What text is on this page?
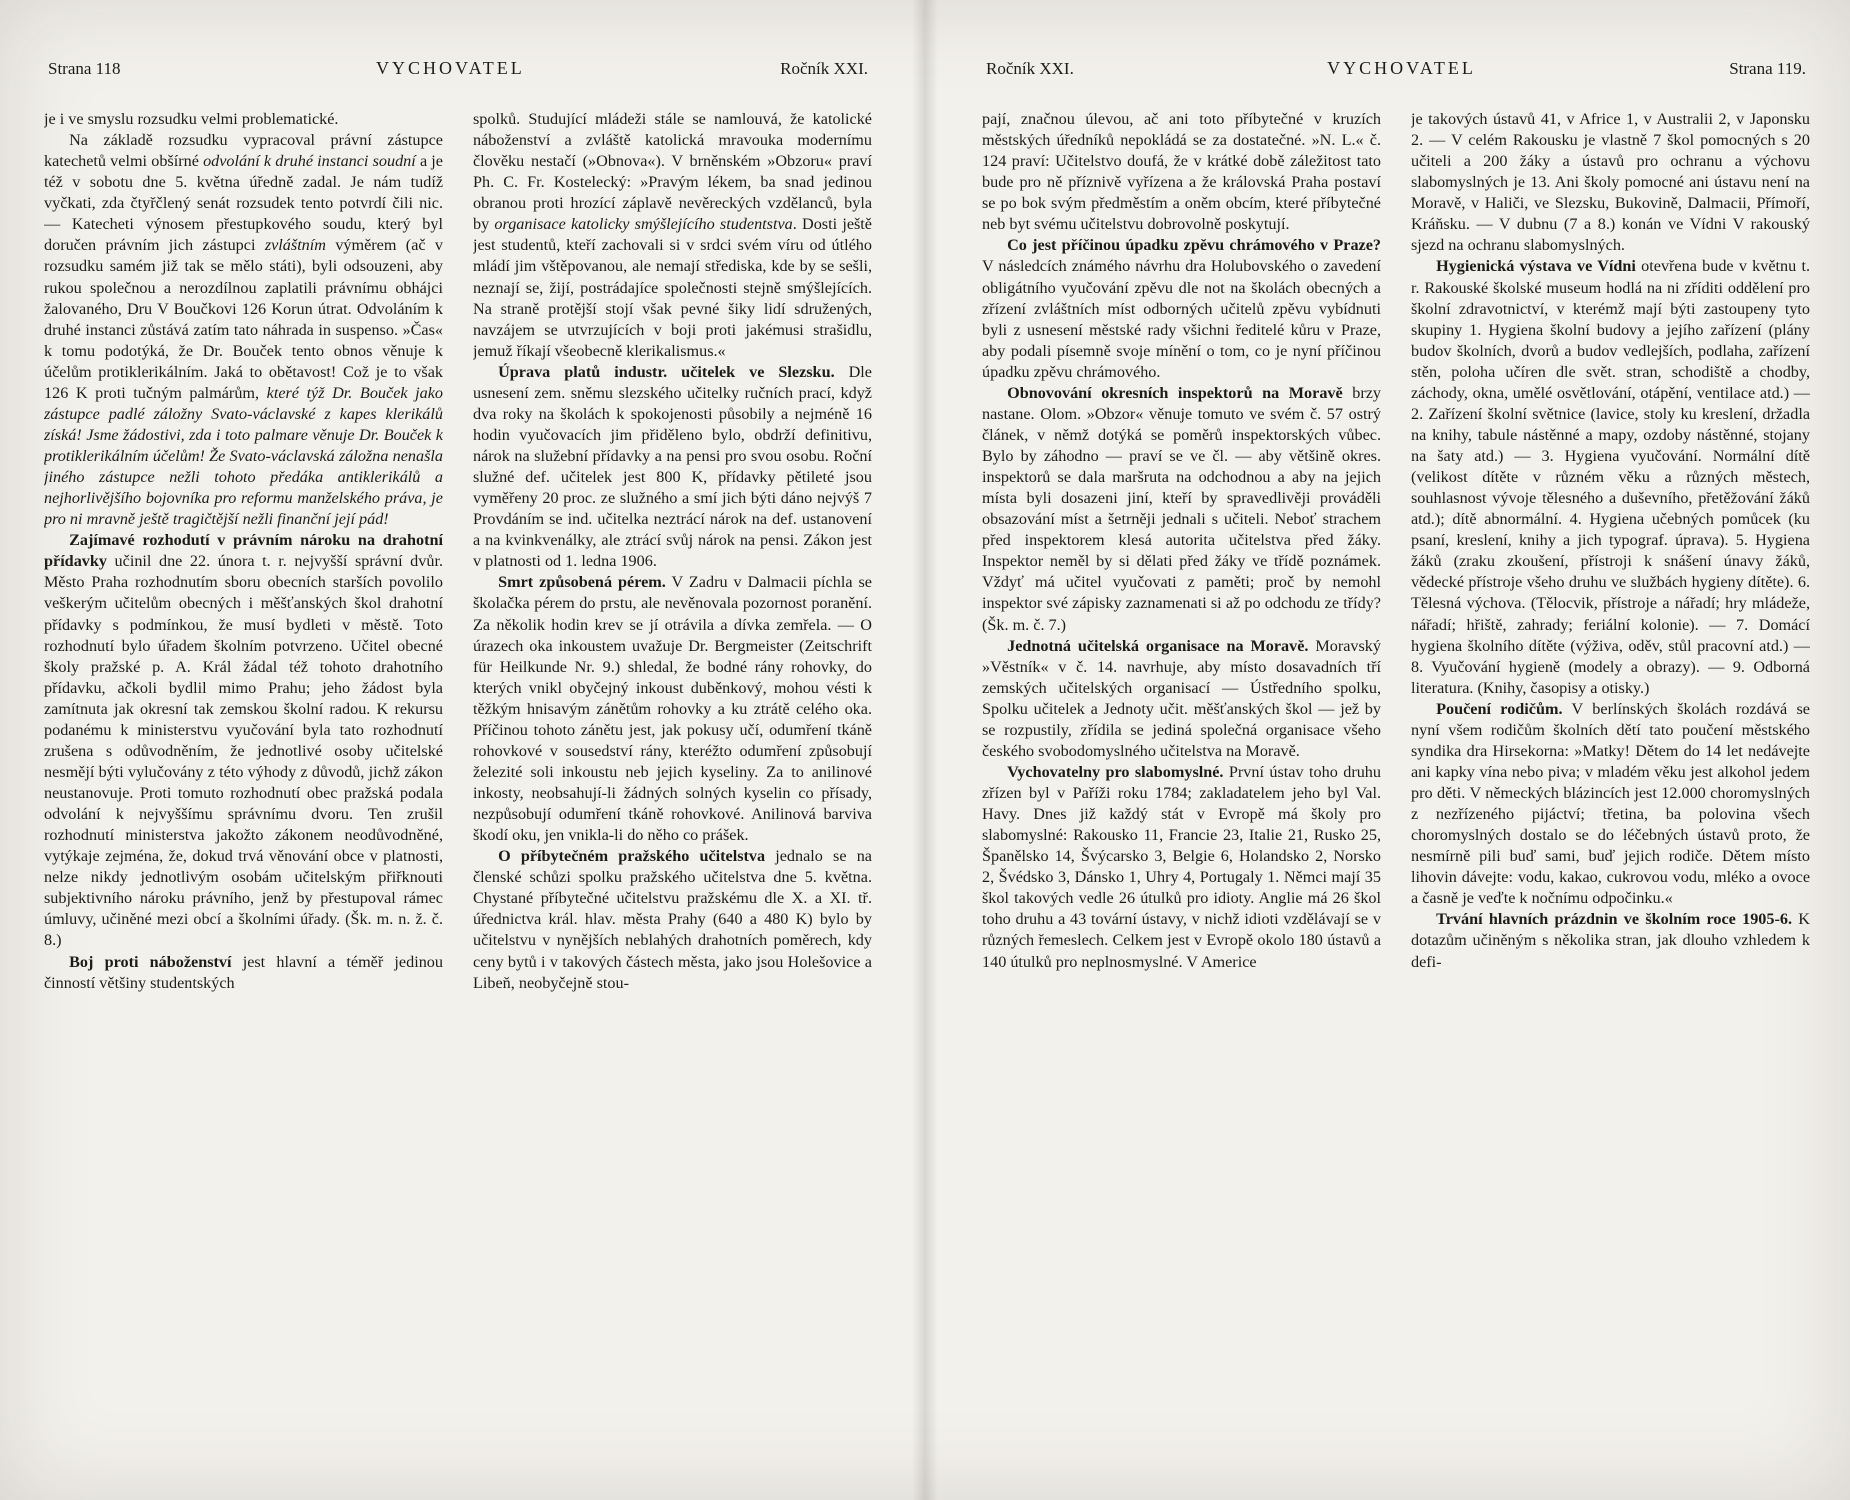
Strana 118	VYCHOVATEL	Ročník XXI.

je i ve smyslu rozsudku velmi problematické.

Na základě rozsudku vypracoval právní zástupce katechetů velmi obšírné odvolání k druhé instanci soudní a je též v sobotu dne 5. května úředně zadal. Je nám tudíž vyčkati, zda čtyřčlený senát rozsudek tento potvrdí čili nic. — Katecheti výnosem přestupkového soudu, který byl doručen právním jich zástupci zvláštním výměrem (ač v rozsudku samém již tak se mělo státi), byli odsouzeni, aby rukou společnou a nerozdílnou zaplatili právnímu obhájci žalovaného, Dru V Boučkovi 126 Korun útrat. Odvoláním k druhé instanci zůstává zatím tato náhrada in suspenso. »Čas« k tomu podotýká, že Dr. Bouček tento obnos věnuje k účelům protiklerikálním. Jaká to obětavost! Což je to však 126 K proti tučným palmárům, které týž Dr. Bouček jako zástupce padlé záložny Svato-václavské z kapes klerikálů získá! Jsme žádostivi, zda i toto palmare věnuje Dr. Bouček k protiklerikálním účelům! Že Svato-václavská záložna nenašla jiného zástupce nežli tohoto předáka antiklerikálů a nejhorlivějšího bojovníka pro reformu manželského práva, je pro ni mravně ještě tragičtější nežli finanční její pád!

Zajímavé rozhodutí v právním nároku na drahotní přídavky učinil dne 22. února t. r. nejvyšší správní dvůr. Město Praha rozhodnutím sboru obecních starších povolilo veškerým učitelům obecných i měšťanských škol drahotní přídavky s podmínkou, že musí bydleti v městě. Toto rozhodnutí bylo úřadem školním potvrzeno. Učitel obecné školy pražské p. A. Král žádal též tohoto drahotního přídavku, ačkoli bydlil mimo Prahu; jeho žádost byla zamítnuta jak okresní tak zemskou školní radou. K rekursu podanému k ministerstvu vyučování byla tato rozhodnutí zrušena s odůvodněním, že jednotlivé osoby učitelské nesmějí býti vylučovány z této výhody z důvodů, jichž zákon neustanovuje. Proti tomuto rozhodnutí obec pražská podala odvolání k nejvyššímu správnímu dvoru. Ten zrušil rozhodnutí ministerstva jakožto zákonem neodůvodněné, vytýkaje zejména, že, dokud trvá věnování obce v platnosti, nelze nikdy jednotlivým osobám učitelským přiřknouti subjektivního nároku právního, jenž by přestupoval rámec úmluvy, učiněné mezi obcí a školními úřady. (Šk. m. n. ž. č. 8.)

Boj proti náboženství jest hlavní a téměř jedinou činností většiny studentských

spolků. Studující mládeži stále se namlouvá, že katolické náboženství a zvláště katolická mravouka modernímu člověku nestačí (»Obnova«). V brněnském »Obzoru« praví Ph. C. Fr. Kostelecký: »Pravým lékem, ba snad jedinou obranou proti hrozící záplavě nevěreckých vzdělanců, byla by organisace katolicky smýšlejícího studentstva. Dosti ještě jest studentů, kteří zachovali si v srdci svém víru od útlého mládí jim vštěpovanou, ale nemají střediska, kde by se sešli, neznají se, žijí, postrádajíce společnosti stejně smýšlejících. Na straně protější stojí však pevné šiky lidí sdružených, navzájem se utvrzujících v boji proti jakémusi strašidlu, jemuž říkají všeobecně klerikalismus.«

Úprava platů industr. učitelek ve Slezsku. Dle usnesení zem. sněmu slezského učitelky ručních prací, když dva roky na školách k spokojenosti působily a nejméně 16 hodin vyučovacích jim přiděleno bylo, obdrží definitivu, nárok na služební přídavky a na pensi pro svou osobu. Roční služné def. učitelek jest 800 K, přídavky pětileté jsou vyměřeny 20 proc. ze služného a smí jich býti dáno nejvýš 7 Provdáním se ind. učitelka neztrácí nárok na def. ustanovení a na kvinkvenálky, ale ztrácí svůj nárok na pensi. Zákon jest v platnosti od 1. ledna 1906.

Smrt způsobená pérem. V Zadru v Dalmacii píchla se školačka pérem do prstu, ale nevěnovala pozornost poranění. Za několik hodin krev se jí otrávila a dívka zemřela. — O úrazech oka inkoustem uvažuje Dr. Bergmeister (Zeitschrift für Heilkunde Nr. 9.) shledal, že bodné rány rohovky, do kterých vnikl obyčejný inkoust duběnkový, mohou vésti k těžkým hnisavým zánětům rohovky a ku ztrátě celého oka. Příčinou tohoto zánětu jest, jak pokusy učí, odumření tkáně rohovkové v sousedství rány, kteréžto odumření způsobují železité soli inkoustu neb jejich kyseliny. Za to anilinové inkosty, neobsahují-li žádných solných kyselin co přísady, nezpůsobují odumření tkáně rohovkové. Anilinová barviva škodí oku, jen vnikla-li do něho co prášek.

O příbytečném pražského učitelstva jednalo se na členské schůzi spolku pražského učitelstva dne 5. května. Chystané příbytečné učitelstvu pražskému dle X. a XI. tř. úřednictva král. hlav. města Prahy (640 a 480 K) bylo by učitelstvu v nynějších neblahých drahotních poměrech, kdy ceny bytů i v takových částech města, jako jsou Holešovice a Libeň, neobyčejně stou-

Ročník XXI.	VYCHOVATEL	Strana 119.

pají, značnou úlevou, ač ani toto příbytečné v kruzích městských úředníků nepokládá se za dostatečné. »N. L.« č. 124 praví: Učitelstvo doufá, že v krátké době záležitost tato bude pro ně příznivě vyřízena a že královská Praha postaví se po bok svým předměstím a oněm obcím, které příbytečné neb byt svému učitelstvu dobrovolně poskytují.

Co jest příčinou úpadku zpěvu chrámového v Praze? V následcích známého návrhu dra Holubovského o zavedení obligátního vyučování zpěvu dle not na školách obecných a zřízení zvláštních míst odborných učitelů zpěvu vybídnuti byli z usnesení městské rady všichni ředitelé kůru v Praze, aby podali písemně svoje mínění o tom, co je nyní příčinou úpadku zpěvu chrámového.

Obnovování okresních inspektorů na Moravě brzy nastane. Olom. »Obzor« věnuje tomuto ve svém č. 57 ostrý článek, v němž dotýká se poměrů inspektorských vůbec. Bylo by záhodno — praví se ve čl. — aby většině okres. inspektorů se dala maršruta na odchodnou a aby na jejich místa byli dosazeni jiní, kteří by spravedlivěji prováděli obsazování míst a šetrněji jednali s učiteli. Neboť strachem před inspektorem klesá autorita učitelstva před žáky. Inspektor neměl by si dělati před žáky ve třídě poznámek. Vždyť má učitel vyučovati z paměti; proč by nemohl inspektor své zápisky zaznamenati si až po odchodu ze třídy? (Šk. m. č. 7.)

Jednotná učitelská organisace na Moravě. Moravský »Věstník« v č. 14. navrhuje, aby místo dosavadních tří zemských učitelských organisací — Ústředního spolku, Spolku učitelek a Jednoty učit. měšťanských škol — jež by se rozpustily, zřídila se jediná společná organisace všeho českého svobodomyslného učitelstva na Moravě.

Vychovatelny pro slabomyslné. První ústav toho druhu zřízen byl v Paříži roku 1784; zakladatelem jeho byl Val. Havy. Dnes již každý stát v Evropě má školy pro slabomyslné: Rakousko 11, Francie 23, Italie 21, Rusko 25, Španělsko 14, Švýcarsko 3, Belgie 6, Holandsko 2, Norsko 2, Švédsko 3, Dánsko 1, Uhry 4, Portugaly 1. Němci mají 35 škol takových vedle 26 útulků pro idioty. Anglie má 26 škol toho druhu a 43 tovární ústavy, v nichž idioti vzdělávají se v různých řemeslech. Celkem jest v Evropě okolo 180 ústavů a 140 útulků pro neplnosmyslné. V Americe

je takových ústavů 41, v Africe 1, v Australii 2, v Japonsku 2. — V celém Rakousku je vlastně 7 škol pomocných s 20 učiteli a 200 žáky a ústavů pro ochranu a výchovu slabomyslných je 13. Ani školy pomocné ani ústavu není na Moravě, v Haliči, ve Slezsku, Bukovině, Dalmacii, Přímoří, Kráňsku. — V dubnu (7 a 8.) konán ve Vídni V rakouský sjezd na ochranu slabomyslných.

Hygienická výstava ve Vídni otevřena bude v květnu t. r. Rakouské školské museum hodlá na ni zříditi oddělení pro školní zdravotnictví, v kterémž mají býti zastoupeny tyto skupiny 1. Hygiena školní budovy a jejího zařízení (plány budov školních, dvorů a budov vedlejších, podlaha, zařízení stěn, poloha učíren dle svět. stran, schodiště a chodby, záchody, okna, umělé osvětlování, otápění, ventilace atd.) — 2. Zařízení školní světnice (lavice, stoly ku kreslení, držadla na knihy, tabule nástěnné a mapy, ozdoby nástěnné, stojany na šaty atd.) — 3. Hygiena vyučování. Normální dítě (velikost dítěte v různém věku a různých městech, souhlasnost vývoje tělesného a duševního, přetěžování žáků atd.); dítě abnormální. 4. Hygiena učebných pomůcek (ku psaní, kreslení, knihy a jich typograf. úprava). 5. Hygiena žáků (zraku zkoušení, přístroji k snášení únavy žáků, vědecké přístroje všeho druhu ve službách hygieny dítěte). 6. Tělesná výchova. (Tělocvik, přístroje a nářadí; hry mládeže, nářadí; hřiště, zahrady; feriální kolonie). — 7. Domácí hygiena školního dítěte (výživa, oděv, stůl pracovní atd.) — 8. Vyučování hygieně (modely a obrazy). — 9. Odborná literatura. (Knihy, časopisy a otisky.)

Poučení rodičům. V berlínských školách rozdává se nyní všem rodičům školních dětí tato poučení městského syndika dra Hirsekorna: »Matky! Dětem do 14 let nedávejte ani kapky vína nebo piva; v mladém věku jest alkohol jedem pro děti. V německých blázincích jest 12.000 choromyslných z nezřízeného pijáctví; třetina, ba polovina všech choromyslných dostalo se do léčebných ústavů proto, že nesmírně pili buď sami, buď jejich rodiče. Dětem místo lihovin dávejte: vodu, kakao, cukrovou vodu, mléko a ovoce a časně je veďte k nočnímu odpočinku.«

Trvání hlavních prázdnin ve školním roce 1905-6. K dotazům učiněným s několika stran, jak dlouho vzhledem k defi-
